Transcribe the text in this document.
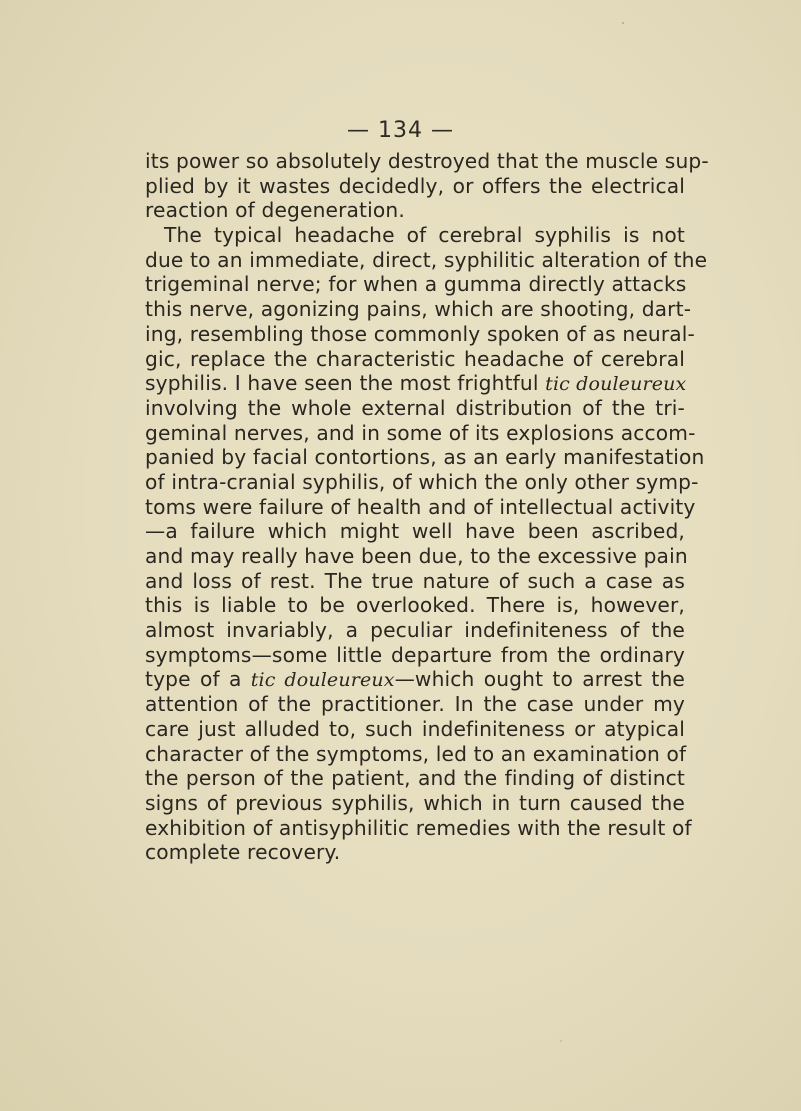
— 134 —
its power so absolutely destroyed that the muscle sup-
plied by it wastes decidedly, or offers the electrical
reaction of degeneration.
The typical headache of cerebral syphilis is not
due to an immediate, direct, syphilitic alteration of the
trigeminal nerve; for when a gumma directly attacks
this nerve, agonizing pains, which are shooting, dart-
ing, resembling those commonly spoken of as neural-
gic, replace the characteristic headache of cerebral
syphilis. I have seen the most frightful tic douleureux
involving the whole external distribution of the tri-
geminal nerves, and in some of its explosions accom-
panied by facial contortions, as an early manifestation
of intra-cranial syphilis, of which the only other symp-
toms were failure of health and of intellectual activity
—a failure which might well have been ascribed,
and may really have been due, to the excessive pain
and loss of rest. The true nature of such a case as
this is liable to be overlooked. There is, however,
almost invariably, a peculiar indefiniteness of the
symptoms—some little departure from the ordinary
type of a tic douleureux—which ought to arrest the
attention of the practitioner. In the case under my
care just alluded to, such indefiniteness or atypical
character of the symptoms, led to an examination of
the person of the patient, and the finding of distinct
signs of previous syphilis, which in turn caused the
exhibition of antisyphilitic remedies with the result of
complete recovery.
